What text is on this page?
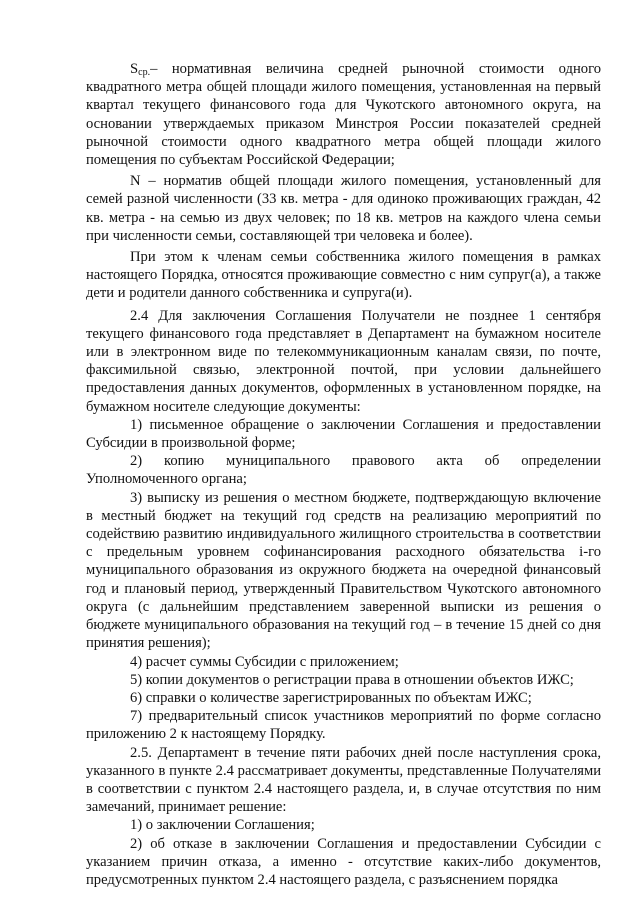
$S_{ср.}-$ нормативная величина средней рыночной стоимости одного квадратного метра общей площади жилого помещения, установленная на первый квартал текущего финансового года для Чукотского автономного округа, на основании утверждаемых приказом Минстроя России показателей средней рыночной стоимости одного квадратного метра общей площади жилого помещения по субъектам Российской Федерации;

N – норматив общей площади жилого помещения, установленный для семей разной численности (33 кв. метра - для одиноко проживающих граждан, 42 кв. метра - на семью из двух человек; по 18 кв. метров на каждого члена семьи при численности семьи, составляющей три человека и более).

При этом к членам семьи собственника жилого помещения в рамках настоящего Порядка, относятся проживающие совместно с ним супруг(а), а также дети и родители данного собственника и супруга(и).

2.4 Для заключения Соглашения Получатели не позднее 1 сентября текущего финансового года представляет в Департамент на бумажном носителе или в электронном виде по телекоммуникационным каналам связи, по почте, факсимильной связью, электронной почтой, при условии дальнейшего предоставления данных документов, оформленных в установленном порядке, на бумажном носителе следующие документы:

1) письменное обращение о заключении Соглашения и предоставлении Субсидии в произвольной форме;

2) копию муниципального правового акта об определении Уполномоченного органа;

3) выписку из решения о местном бюджете, подтверждающую включение в местный бюджет на текущий год средств на реализацию мероприятий по содействию развитию индивидуального жилищного строительства в соответствии с предельным уровнем софинансирования расходного обязательства i-го муниципального образования из окружного бюджета на очередной финансовый год и плановый период, утвержденный Правительством Чукотского автономного округа (с дальнейшим представлением заверенной выписки из решения о бюджете муниципального образования на текущий год – в течение 15 дней со дня принятия решения);

4) расчет суммы Субсидии с приложением;

5) копии документов о регистрации права в отношении объектов ИЖС;

6) справки о количестве зарегистрированных по объектам ИЖС;

7) предварительный список участников мероприятий по форме согласно приложению 2 к настоящему Порядку.

2.5. Департамент в течение пяти рабочих дней после наступления срока, указанного в пункте 2.4 рассматривает документы, представленные Получателями в соответствии с пунктом 2.4 настоящего раздела, и, в случае отсутствия по ним замечаний, принимает решение:

1) о заключении Соглашения;

2) об отказе в заключении Соглашения и предоставлении Субсидии с указанием причин отказа, а именно - отсутствие каких-либо документов, предусмотренных пунктом 2.4 настоящего раздела, с разъяснением порядка
